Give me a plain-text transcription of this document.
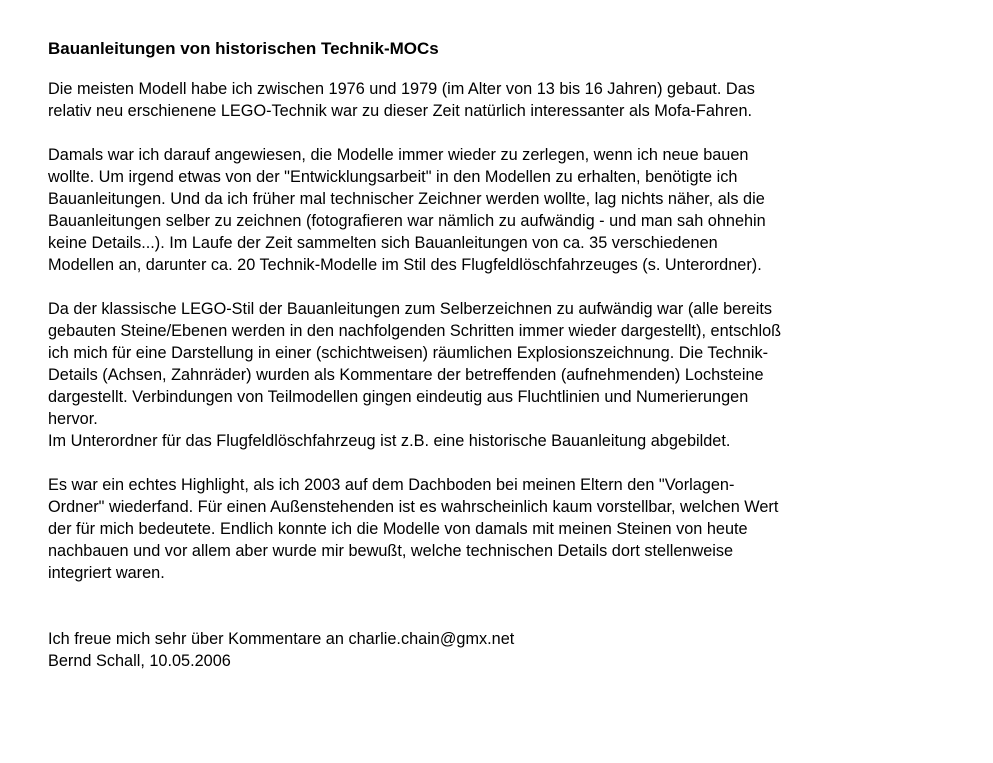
Bauanleitungen von historischen Technik-MOCs
Die meisten Modell habe ich zwischen 1976 und 1979 (im Alter von 13 bis 16 Jahren) gebaut. Das
relativ neu erschienene LEGO-Technik war zu dieser Zeit natürlich interessanter als Mofa-Fahren.
Damals war ich darauf angewiesen, die Modelle immer wieder zu zerlegen, wenn ich neue bauen
wollte. Um irgend etwas von der "Entwicklungsarbeit" in den Modellen zu erhalten, benötigte ich
Bauanleitungen. Und da ich früher mal technischer Zeichner werden wollte, lag nichts näher, als die
Bauanleitungen selber zu zeichnen (fotografieren war nämlich zu aufwändig - und man sah ohnehin
keine Details...). Im Laufe der Zeit sammelten sich Bauanleitungen von ca. 35 verschiedenen
Modellen an, darunter ca. 20 Technik-Modelle im Stil des Flugfeldlöschfahrzeuges (s. Unterordner).
Da der klassische LEGO-Stil der Bauanleitungen zum Selberzeichnen zu aufwändig war (alle bereits
gebauten Steine/Ebenen werden in den nachfolgenden Schritten immer wieder dargestellt), entschloß
ich mich für eine Darstellung in einer (schichtweisen) räumlichen Explosionszeichnung. Die Technik-
Details (Achsen, Zahnräder) wurden als Kommentare der betreffenden (aufnehmenden) Lochsteine
dargestellt. Verbindungen von Teilmodellen gingen eindeutig aus Fluchtlinien und Numerierungen
hervor.
Im Unterordner für das Flugfeldlöschfahrzeug ist z.B. eine historische Bauanleitung abgebildet.
Es war ein echtes Highlight, als ich 2003 auf dem Dachboden bei meinen Eltern den "Vorlagen-
Ordner" wiederfand. Für einen Außenstehenden ist es wahrscheinlich kaum vorstellbar, welchen Wert
der für mich bedeutete. Endlich konnte ich die Modelle von damals mit meinen Steinen von heute
nachbauen und vor allem aber wurde mir bewußt, welche technischen Details dort stellenweise
integriert waren.
Ich freue mich sehr über Kommentare an charlie.chain@gmx.net
Bernd Schall, 10.05.2006
